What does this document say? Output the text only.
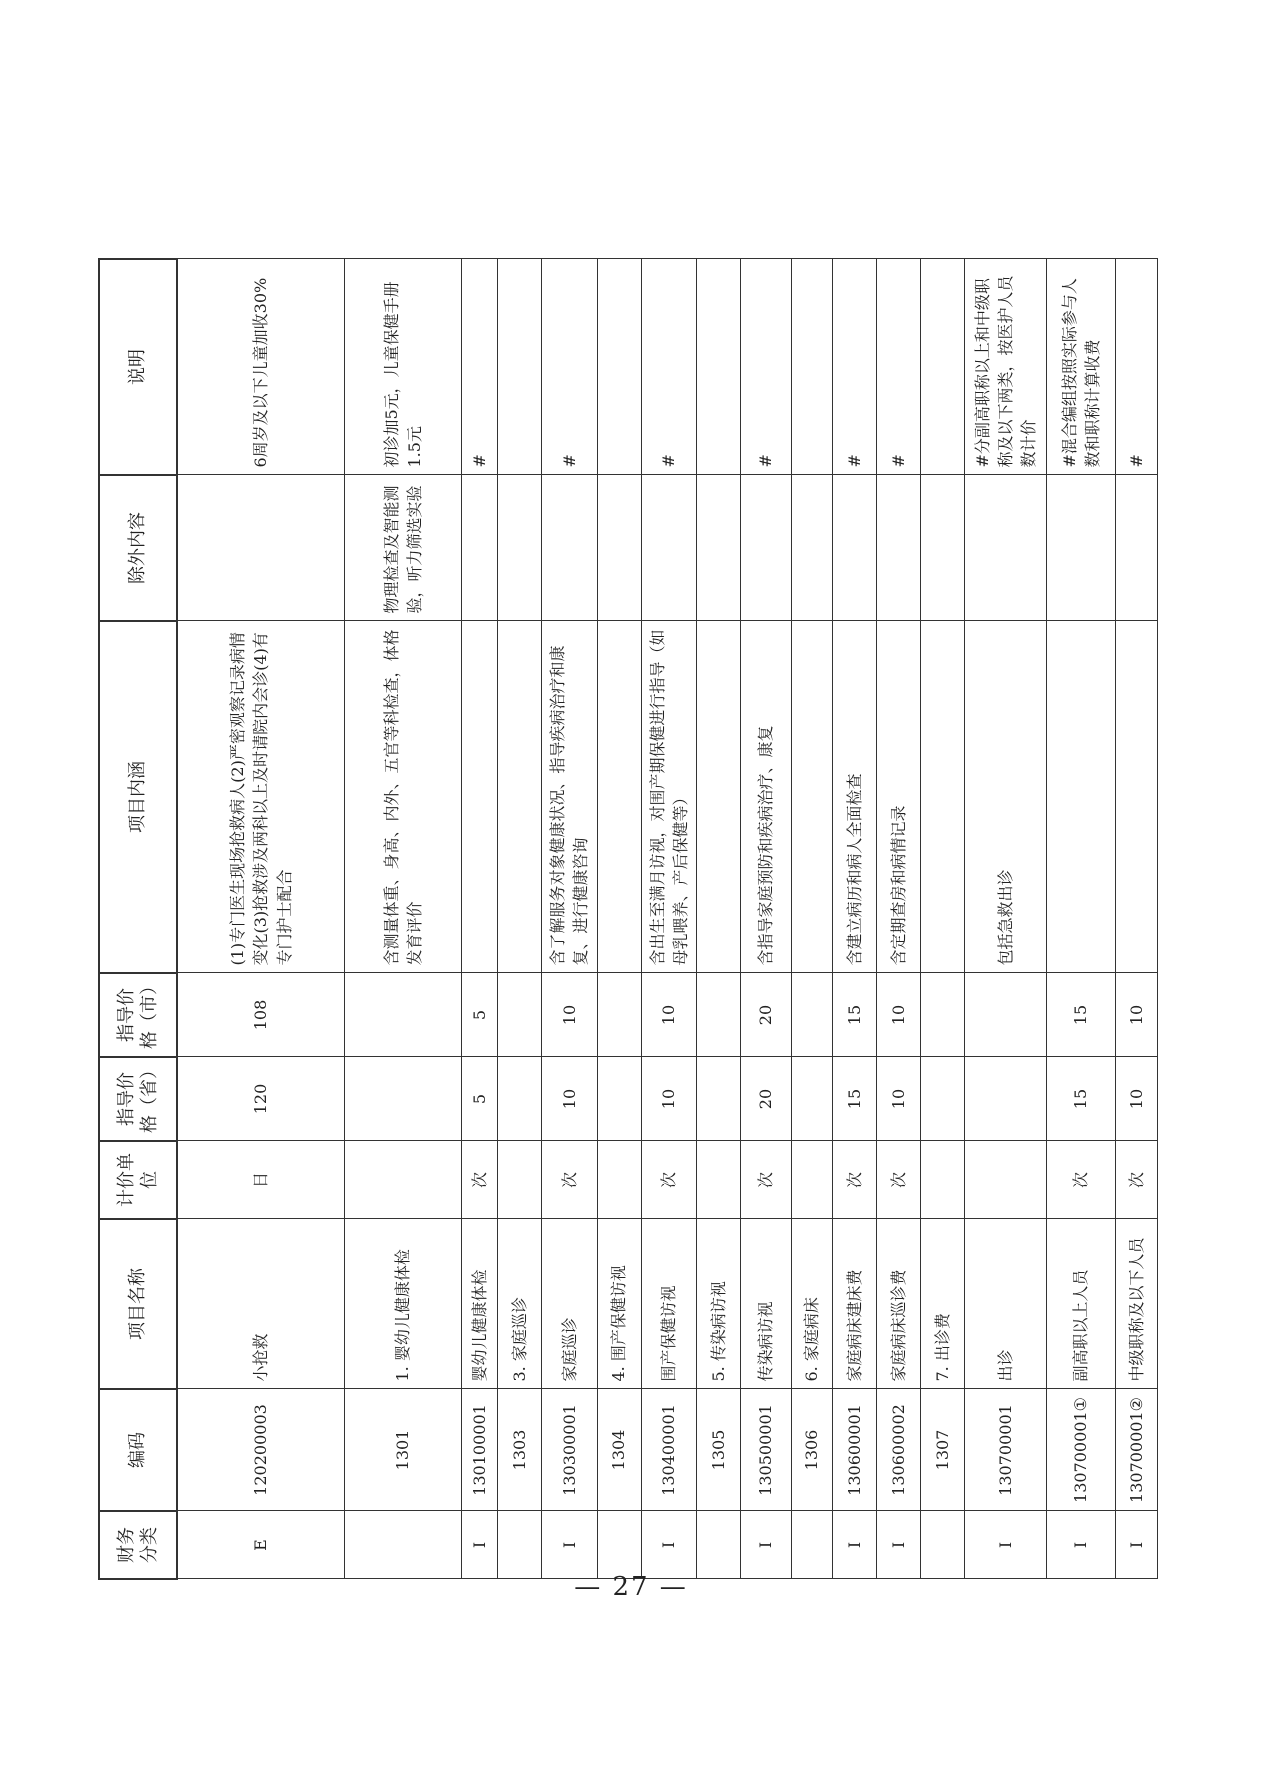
财务分类	编码	项目名称	计价单位	指导价格（省）	指导价格（市）	项目内涵	除外内容	说明
E	120200003	小抢救	日	120	108	(1)专门医生现场抢救病人(2)严密观察记录病情变化(3)抢救涉及两科以上及时请院内会诊(4)有专门护士配合		6周岁及以下儿童加收30%
	1301	1. 婴幼儿健康体检				含测量体重、身高、内外、五官等科检查，体格发育评价	物理检查及智能测验，听力筛选实验	初诊加5元，儿童保健手册1.5元
I	130100001	婴幼儿健康体检	次	5	5			#
	1303	3. 家庭巡诊						
I	130300001	家庭巡诊	次	10	10	含了解服务对象健康状况、指导疾病治疗和康复、进行健康咨询		#
	1304	4. 围产保健访视						
I	130400001	围产保健访视	次	10	10	含出生至满月访视，对围产期保健进行指导（如母乳喂养、产后保健等）		#
	1305	5. 传染病访视						
I	130500001	传染病访视	次	20	20	含指导家庭预防和疾病治疗、康复		#
	1306	6. 家庭病床						
I	130600001	家庭病床建床费	次	15	15	含建立病历和病人全面检查		#
I	130600002	家庭病床巡诊费	次	10	10	含定期查房和病情记录		#
	1307	7. 出诊费						
I	130700001	出诊				包括急救出诊		#分副高职称以上和中级职称及以下两类，按医护人员数计价
I	130700001①	副高职以上人员	次	15	15			#混合编组按照实际参与人数和职称计算收费
I	130700001②	中级职称及以下人员	次	10	10			#
— 27 —
